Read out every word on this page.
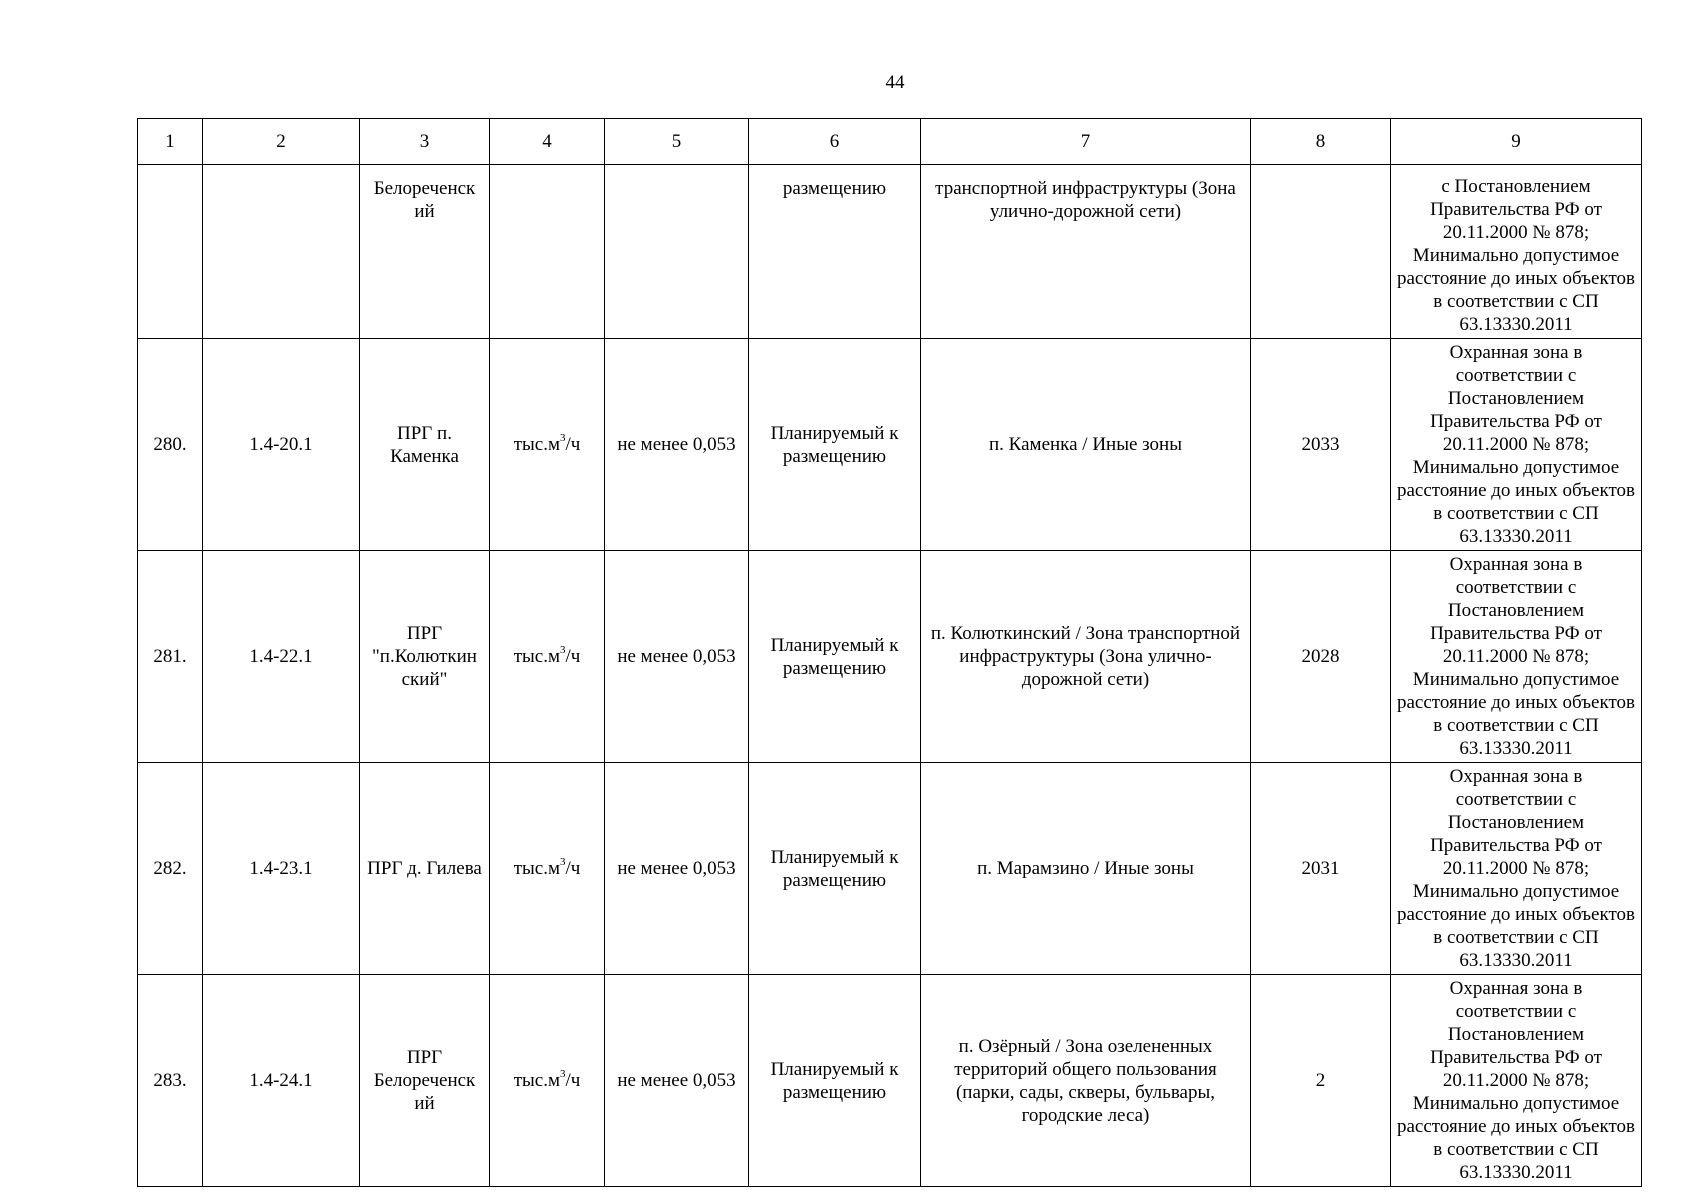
44
1	2	3	4	5	6	7	8	9
		Белореченск ий			размещению	транспортной инфраструктуры (Зона улично-дорожной сети)		с Постановлением Правительства РФ от 20.11.2000 № 878; Минимально допустимое расстояние до иных объектов в соответствии с СП 63.13330.2011
280.	1.4-20.1	ПРГ п. Каменка	$тыс.м^3/ч$	не менее 0,053	Планируемый к размещению	п. Каменка / Иные зоны	2033	Охранная зона в соответствии с Постановлением Правительства РФ от 20.11.2000 № 878; Минимально допустимое расстояние до иных объектов в соответствии с СП 63.13330.2011
281.	1.4-22.1	ПРГ "п.Колюткин ский"	$тыс.м^3/ч$	не менее 0,053	Планируемый к размещению	п. Колюткинский / Зона транспортной инфраструктуры (Зона улично-дорожной сети)	2028	Охранная зона в соответствии с Постановлением Правительства РФ от 20.11.2000 № 878; Минимально допустимое расстояние до иных объектов в соответствии с СП 63.13330.2011
282.	1.4-23.1	ПРГ д. Гилева	$тыс.м^3/ч$	не менее 0,053	Планируемый к размещению	п. Марамзино / Иные зоны	2031	Охранная зона в соответствии с Постановлением Правительства РФ от 20.11.2000 № 878; Минимально допустимое расстояние до иных объектов в соответствии с СП 63.13330.2011
283.	1.4-24.1	ПРГ Белореченск ий	$тыс.м^3/ч$	не менее 0,053	Планируемый к размещению	п. Озёрный / Зона озелененных территорий общего пользования (парки, сады, скверы, бульвары, городские леса)	2	Охранная зона в соответствии с Постановлением Правительства РФ от 20.11.2000 № 878; Минимально допустимое расстояние до иных объектов в соответствии с СП 63.13330.2011
